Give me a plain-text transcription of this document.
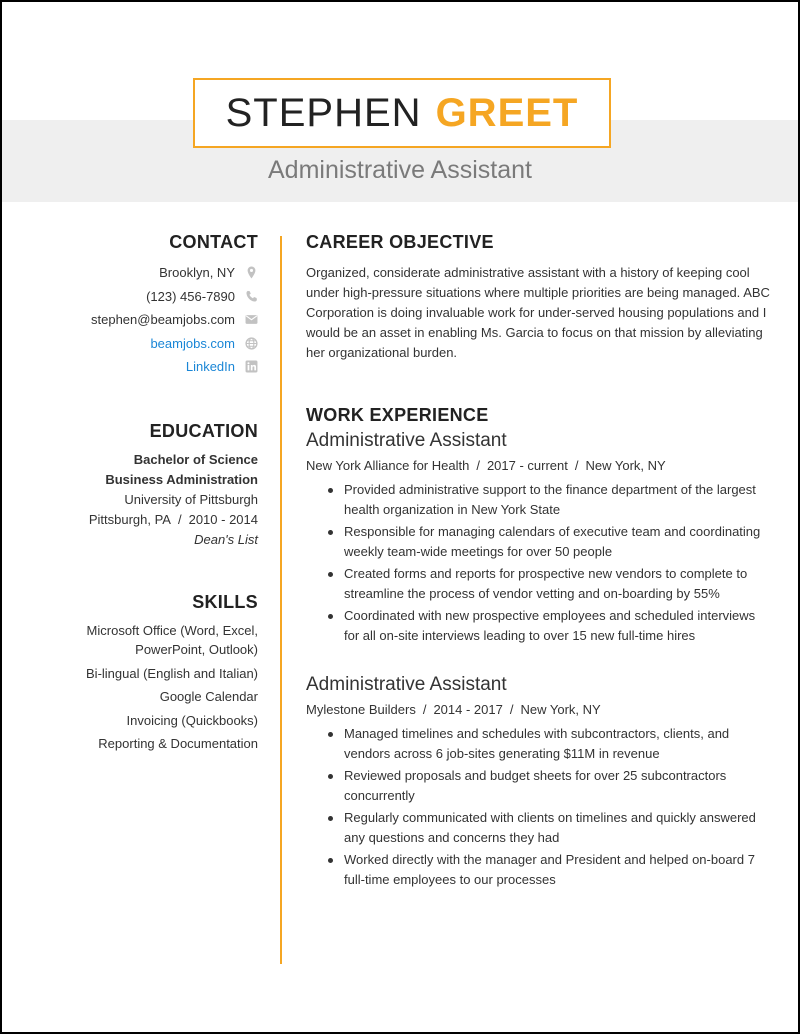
STEPHEN GREET
Administrative Assistant
CONTACT
Brooklyn, NY
(123) 456-7890
stephen@beamjobs.com
beamjobs.com
LinkedIn
EDUCATION
Bachelor of Science
Business Administration
University of Pittsburgh
Pittsburgh, PA / 2010 - 2014
Dean's List
SKILLS
Microsoft Office (Word, Excel, PowerPoint, Outlook)
Bi-lingual (English and Italian)
Google Calendar
Invoicing (Quickbooks)
Reporting & Documentation
CAREER OBJECTIVE
Organized, considerate administrative assistant with a history of keeping cool under high-pressure situations where multiple priorities are being managed. ABC Corporation is doing invaluable work for under-served housing populations and I would be an asset in enabling Ms. Garcia to focus on that mission by alleviating her organizational burden.
WORK EXPERIENCE
Administrative Assistant
New York Alliance for Health / 2017 - current / New York, NY
Provided administrative support to the finance department of the largest health organization in New York State
Responsible for managing calendars of executive team and coordinating weekly team-wide meetings for over 50 people
Created forms and reports for prospective new vendors to complete to streamline the process of vendor vetting and on-boarding by 55%
Coordinated with new prospective employees and scheduled interviews for all on-site interviews leading to over 15 new full-time hires
Administrative Assistant
Mylestone Builders / 2014 - 2017 / New York, NY
Managed timelines and schedules with subcontractors, clients, and vendors across 6 job-sites generating $11M in revenue
Reviewed proposals and budget sheets for over 25 subcontractors concurrently
Regularly communicated with clients on timelines and quickly answered any questions and concerns they had
Worked directly with the manager and President and helped on-board 7 full-time employees to our processes
